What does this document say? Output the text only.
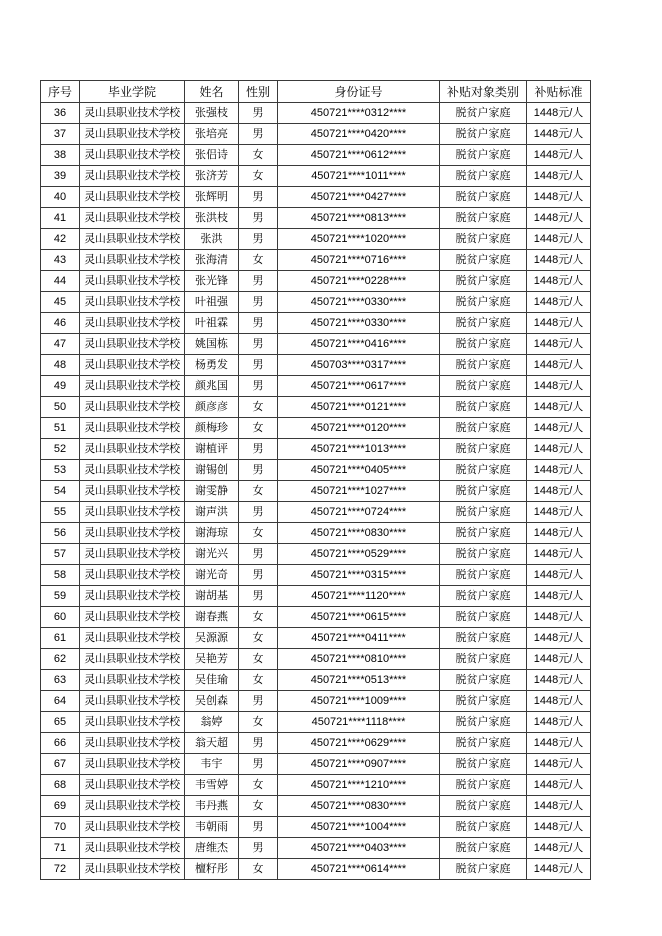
序号	毕业学院	姓名	性别	身份证号	补贴对象类别	补贴标准
36	灵山县职业技术学校	张强枝	男	450721****0312****	脱贫户家庭	1448元/人
37	灵山县职业技术学校	张培亮	男	450721****0420****	脱贫户家庭	1448元/人
38	灵山县职业技术学校	张侣诗	女	450721****0612****	脱贫户家庭	1448元/人
39	灵山县职业技术学校	张济芳	女	450721****1011****	脱贫户家庭	1448元/人
40	灵山县职业技术学校	张辉明	男	450721****0427****	脱贫户家庭	1448元/人
41	灵山县职业技术学校	张洪枝	男	450721****0813****	脱贫户家庭	1448元/人
42	灵山县职业技术学校	张洪	男	450721****1020****	脱贫户家庭	1448元/人
43	灵山县职业技术学校	张海清	女	450721****0716****	脱贫户家庭	1448元/人
44	灵山县职业技术学校	张光锋	男	450721****0228****	脱贫户家庭	1448元/人
45	灵山县职业技术学校	叶祖强	男	450721****0330****	脱贫户家庭	1448元/人
46	灵山县职业技术学校	叶祖霖	男	450721****0330****	脱贫户家庭	1448元/人
47	灵山县职业技术学校	姚国栋	男	450721****0416****	脱贫户家庭	1448元/人
48	灵山县职业技术学校	杨勇发	男	450703****0317****	脱贫户家庭	1448元/人
49	灵山县职业技术学校	颜兆国	男	450721****0617****	脱贫户家庭	1448元/人
50	灵山县职业技术学校	颜彦彦	女	450721****0121****	脱贫户家庭	1448元/人
51	灵山县职业技术学校	颜梅珍	女	450721****0120****	脱贫户家庭	1448元/人
52	灵山县职业技术学校	谢植评	男	450721****1013****	脱贫户家庭	1448元/人
53	灵山县职业技术学校	谢锡创	男	450721****0405****	脱贫户家庭	1448元/人
54	灵山县职业技术学校	谢雯静	女	450721****1027****	脱贫户家庭	1448元/人
55	灵山县职业技术学校	谢声洪	男	450721****0724****	脱贫户家庭	1448元/人
56	灵山县职业技术学校	谢海琼	女	450721****0830****	脱贫户家庭	1448元/人
57	灵山县职业技术学校	谢光兴	男	450721****0529****	脱贫户家庭	1448元/人
58	灵山县职业技术学校	谢光奇	男	450721****0315****	脱贫户家庭	1448元/人
59	灵山县职业技术学校	谢胡基	男	450721****1120****	脱贫户家庭	1448元/人
60	灵山县职业技术学校	谢春燕	女	450721****0615****	脱贫户家庭	1448元/人
61	灵山县职业技术学校	吴源源	女	450721****0411****	脱贫户家庭	1448元/人
62	灵山县职业技术学校	吴艳芳	女	450721****0810****	脱贫户家庭	1448元/人
63	灵山县职业技术学校	吴佳瑜	女	450721****0513****	脱贫户家庭	1448元/人
64	灵山县职业技术学校	吴创森	男	450721****1009****	脱贫户家庭	1448元/人
65	灵山县职业技术学校	翁婷	女	450721****1118****	脱贫户家庭	1448元/人
66	灵山县职业技术学校	翁天超	男	450721****0629****	脱贫户家庭	1448元/人
67	灵山县职业技术学校	韦宇	男	450721****0907****	脱贫户家庭	1448元/人
68	灵山县职业技术学校	韦雪婷	女	450721****1210****	脱贫户家庭	1448元/人
69	灵山县职业技术学校	韦丹燕	女	450721****0830****	脱贫户家庭	1448元/人
70	灵山县职业技术学校	韦朝雨	男	450721****1004****	脱贫户家庭	1448元/人
71	灵山县职业技术学校	唐维杰	男	450721****0403****	脱贫户家庭	1448元/人
72	灵山县职业技术学校	檀籽彤	女	450721****0614****	脱贫户家庭	1448元/人
